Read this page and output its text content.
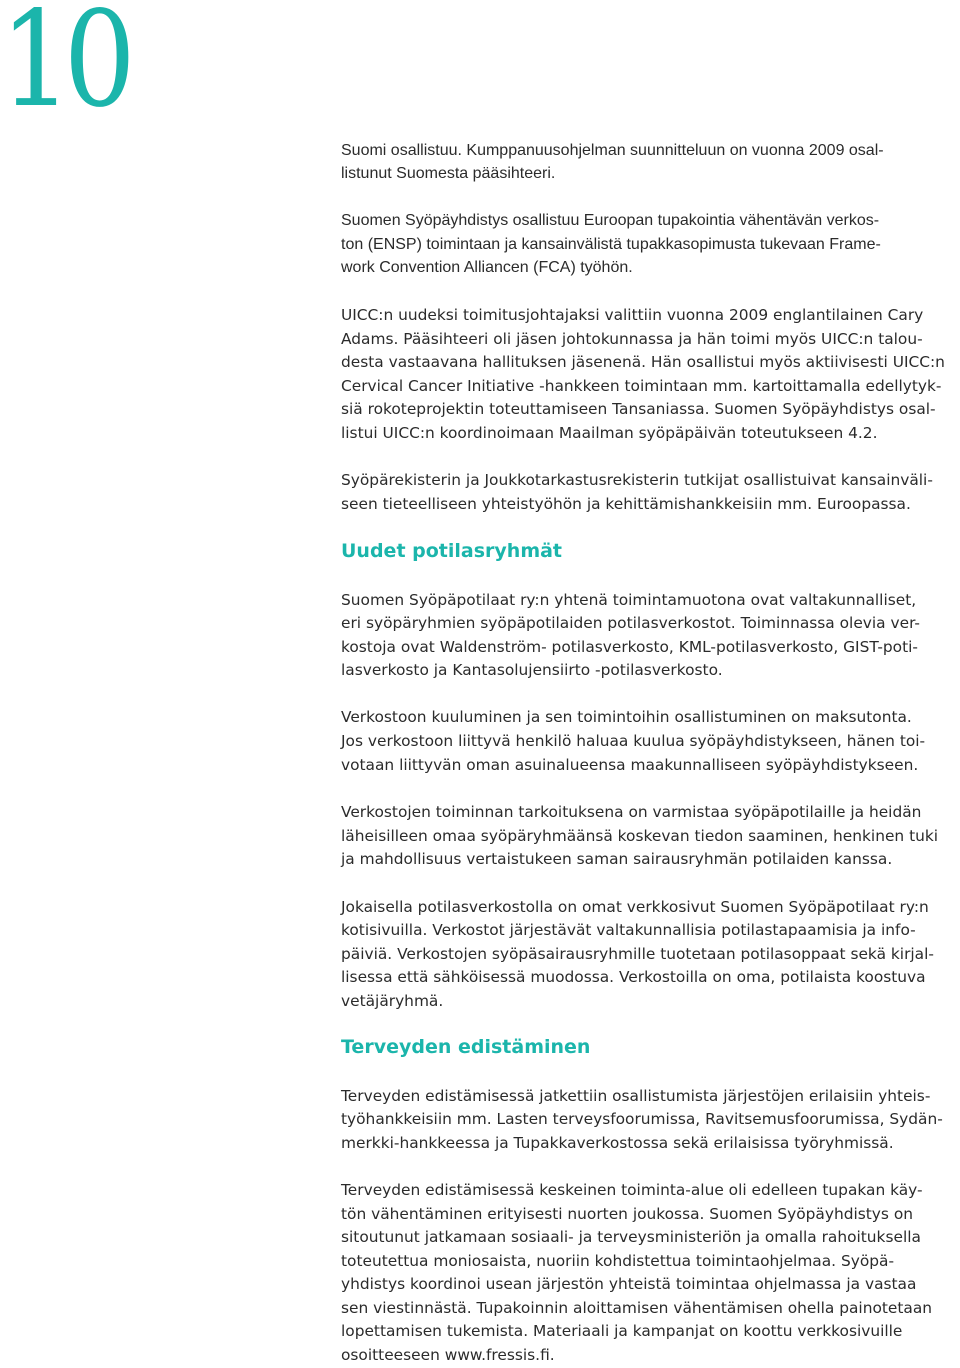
10
Suomi osallistuu. Kumppanuusohjelman suunnitteluun on vuonna 2009 osal-
listunut Suomesta pääsihteeri.
Suomen Syöpäyhdistys osallistuu Euroopan tupakointia vähentävän verkos-
ton (ENSP) toimintaan ja kansainvälistä tupakkasopimusta tukevaan Frame-
work Convention Alliancen (FCA) työhön.
UICC:n uudeksi toimitusjohtajaksi valittiin vuonna 2009 englantilainen Cary
Adams. Pääsihteeri oli jäsen johtokunnassa ja hän toimi myös UICC:n talou-
desta vastaavana hallituksen jäsenenä. Hän osallistui myös aktiivisesti UICC:n
Cervical Cancer Initiative -hankkeen toimintaan mm. kartoittamalla edellytyk-
siä rokoteprojektin toteuttamiseen Tansaniassa. Suomen Syöpäyhdistys osal-
listui UICC:n koordinoimaan Maailman syöpäpäivän toteutukseen 4.2.
Syöpärekisterin ja Joukkotarkastusrekisterin tutkijat osallistuivat kansainväli-
seen tieteelliseen yhteistyöhön ja kehittämishankkeisiin mm. Euroopassa.
Uudet potilasryhmät
Suomen Syöpäpotilaat ry:n yhtenä toimintamuotona ovat valtakunnalliset,
eri syöpäryhmien syöpäpotilaiden potilasverkostot. Toiminnassa olevia ver-
kostoja ovat Waldenström- potilasverkosto, KML-potilasverkosto, GIST-poti-
lasverkosto ja Kantasolujensiirto -potilasverkosto.
Verkostoon kuuluminen ja sen toimintoihin osallistuminen on maksutonta.
Jos verkostoon liittyvä henkilö haluaa kuulua syöpäyhdistykseen, hänen toi-
votaan liittyvän oman asuinalueensa maakunnalliseen syöpäyhdistykseen.
Verkostojen toiminnan tarkoituksena on varmistaa syöpäpotilaille ja heidän
läheisilleen omaa syöpäryhmäänsä koskevan tiedon saaminen, henkinen tuki
ja mahdollisuus vertaistukeen saman sairausryhmän potilaiden kanssa.
Jokaisella potilasverkostolla on omat verkkosivut Suomen Syöpäpotilaat ry:n
kotisivuilla. Verkostot järjestävät valtakunnallisia potilastapaamisia ja info-
päiviä. Verkostojen syöpäsairausryhmille tuotetaan potilasoppaat sekä kirjal-
lisessa että sähköisessä muodossa. Verkostoilla on oma, potilaista koostuva
vetäjäryhmä.
Terveyden edistäminen
Terveyden edistämisessä jatkettiin osallistumista järjestöjen erilaisiin yhteis-
työhankkeisiin mm. Lasten terveysfoorumissa, Ravitsemusfoorumissa, Sydän-
merkki-hankkeessa ja Tupakkaverkostossa sekä erilaisissa työryhmissä.
Terveyden edistämisessä keskeinen toiminta-alue oli edelleen tupakan käy-
tön vähentäminen erityisesti nuorten joukossa. Suomen Syöpäyhdistys on
sitoutunut jatkamaan sosiaali- ja terveysministeriön ja omalla rahoituksella
toteutettua moniosaista, nuoriin kohdistettua toimintaohjelmaa. Syöpä-
yhdistys koordinoi usean järjestön yhteistä toimintaa ohjelmassa ja vastaa
sen viestinnästä. Tupakoinnin aloittamisen vähentämisen ohella painotetaan
lopettamisen tukemista. Materiaali ja kampanjat on koottu verkkosivuille
osoitteeseen www.fressis.fi.
